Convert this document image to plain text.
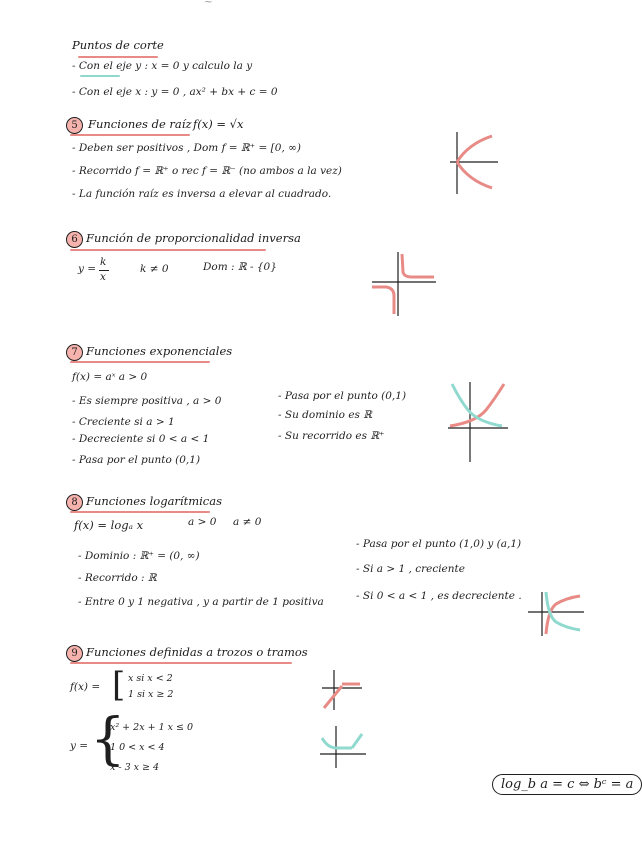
~
Puntos de corte
- Con el eje y : x = 0 y calculo la y
- Con el eje x : y = 0 , ax² + bx + c = 0
5 Funciones de raíz f(x) = √x
- Deben ser positivos , Dom f = ℝ⁺ = [0, ∞)
- Recorrido f = ℝ⁺ o rec f = ℝ⁻ (no ambos a la vez)
- La función raíz es inversa a elevar al cuadrado.
6 Función de proporcionalidad inversa
y =
k
x
k ≠ 0	Dom : ℝ - {0}
7 Funciones exponenciales
f(x) = aˣ a > 0
- Es siempre positiva , a > 0
- Creciente si a > 1
- Decreciente si 0 < a < 1
- Pasa por el punto (0,1)
- Pasa por el punto (0,1)
- Su dominio es ℝ
- Su recorrido es ℝ⁺
8 Funciones logarítmicas
f(x) = logₐ x	a > 0 a ≠ 0
- Dominio : ℝ⁺ = (0, ∞)
- Recorrido : ℝ
- Entre 0 y 1 negativa , y a partir de 1 positiva
- Pasa por el punto (1,0) y (a,1)
- Si a > 1 , creciente
- Si 0 < a < 1 , es decreciente .
9 Funciones definidas a trozos o tramos
f(x) = [ x si x < 2
1 si x ≥ 2
y = {
x² + 2x + 1 x ≤ 0
1 0 < x < 4
x - 3 x ≥ 4
log_b a = c ⇔ bᶜ = a
